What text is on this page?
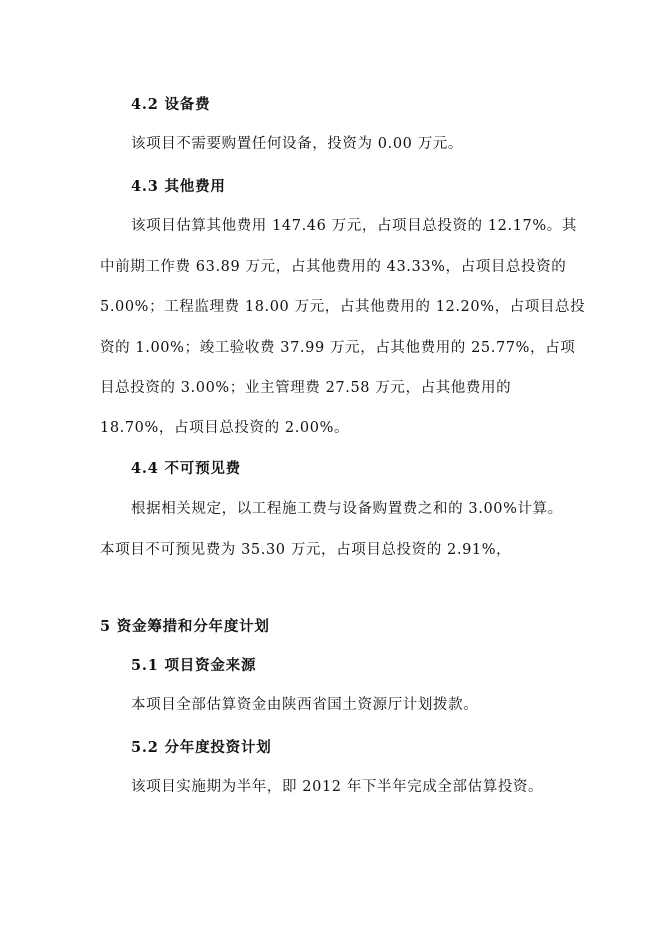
4.2 设备费
该项目不需要购置任何设备，投资为 0.00 万元。
4.3 其他费用
该项目估算其他费用 147.46 万元，占项目总投资的 12.17%。其
中前期工作费 63.89 万元，占其他费用的 43.33%，占项目总投资的
5.00%；工程监理费 18.00 万元，占其他费用的 12.20%，占项目总投
资的 1.00%；竣工验收费 37.99 万元，占其他费用的 25.77%，占项
目总投资的 3.00%；业主管理费 27.58 万元，占其他费用的
18.70%，占项目总投资的 2.00%。
4.4 不可预见费
根据相关规定，以工程施工费与设备购置费之和的 3.00%计算。
本项目不可预见费为 35.30 万元，占项目总投资的 2.91%，
5 资金筹措和分年度计划
5.1 项目资金来源
本项目全部估算资金由陕西省国土资源厅计划拨款。
5.2 分年度投资计划
该项目实施期为半年，即 2012 年下半年完成全部估算投资。
